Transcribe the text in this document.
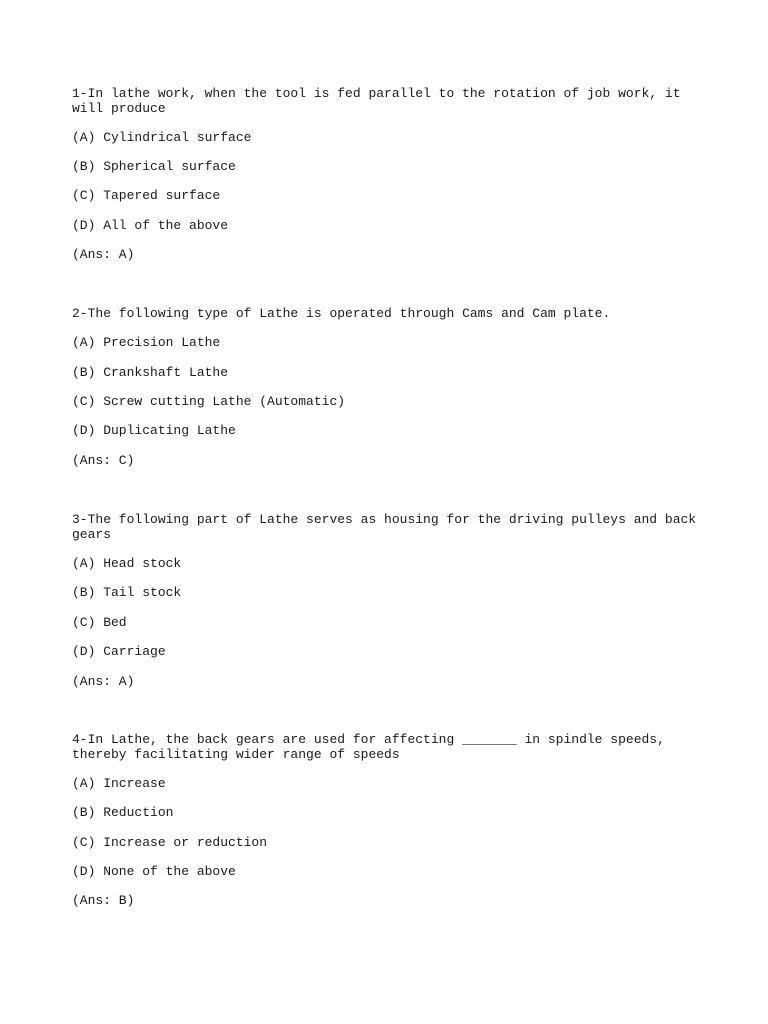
1-In lathe work, when the tool is fed parallel to the rotation of job work, it will produce
(A) Cylindrical surface
(B) Spherical surface
(C) Tapered surface
(D) All of the above
(Ans: A)
2-The following type of Lathe is operated through Cams and Cam plate.
(A) Precision Lathe
(B) Crankshaft Lathe
(C) Screw cutting Lathe (Automatic)
(D) Duplicating Lathe
(Ans: C)
3-The following part of Lathe serves as housing for the driving pulleys and back gears
(A) Head stock
(B) Tail stock
(C) Bed
(D) Carriage
(Ans: A)
4-In Lathe, the back gears are used for affecting _______ in spindle speeds, thereby facilitating wider range of speeds
(A) Increase
(B) Reduction
(C) Increase or reduction
(D) None of the above
(Ans: B)
